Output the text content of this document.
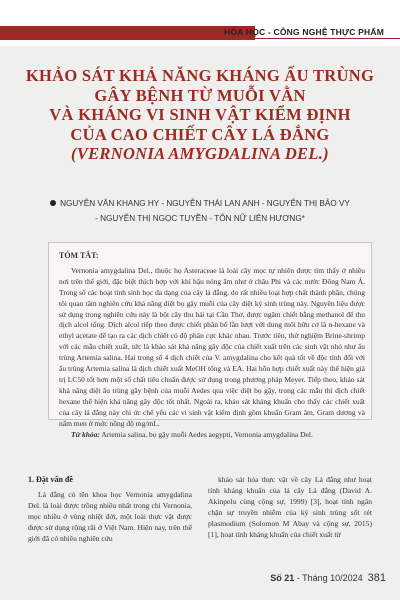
HÓA HỌC - CÔNG NGHỆ THỰC PHẨM
KHẢO SÁT KHẢ NĂNG KHÁNG ẤU TRÙNG
GÂY BỆNH TỪ MUỖI VẰN
VÀ KHÁNG VI SINH VẬT KIỂM ĐỊNH
CỦA CAO CHIẾT CÂY LÁ ĐẮNG
(VERNONIA AMYGDALINA DEL.)
NGUYỄN VĂN KHANG HY - NGUYỄN THÁI LAN ANH - NGUYỄN THỊ BẢO VY
- NGUYỄN THỊ NGỌC TUYỀN - TÔN NỮ LIÊN HƯƠNG*
TÓM TẮT:

Vernonia amygdalina Del., thuộc họ Asteraceae là loài cây mọc tự nhiên được tìm thấy ở nhiều nơi trên thế giới, đặc biệt thích hợp với khí hậu nóng ẩm như ở châu Phi và các nước Đông Nam Á. Trong số các hoạt tính sinh học đa dạng của cây lá đắng, do rất nhiều loại hợp chất thành phần, chúng tôi quan tâm nghiên cứu khả năng diệt bọ gậy muỗi của cây diệt ký sinh trùng này. Nguyên liệu được sử dụng trong nghiên cứu này là bột cây thu hái tại Cần Thơ, được ngâm chiết bằng methanol để thu dịch alcol tổng. Dịch alcol tiếp theo được chiết phân bố lần lượt với dung môi hữu cơ là n-hexane và ethyl acetate để tạo ra các dịch chiết có độ phân cực khác nhau. Trước tiên, thử nghiệm Brine-shrimp với các mẫu chiết xuất, tức là khảo sát khả năng gây độc của chiết xuất trên các sinh vật nhỏ như ấu trùng Artemia salina. Hai trong số 4 dịch chiết của V. amygdalina cho kết quả tốt về độc tính đối với ấu trùng Artemia salina là dịch chiết xuất MeOH tổng và EA. Hai hỗn hợp chiết xuất này thể hiện giá trị LC50 tốt hơn một số chất tiêu chuẩn được sử dụng trong phương pháp Meyer. Tiếp theo, khảo sát khả năng diệt ấu trùng gây bệnh của muỗi Aedes qua việc diệt bọ gậy, trong các mẫu thì dịch chiết hexane thể hiện khả năng gây độc tốt nhất. Ngoài ra, khảo sát kháng khuẩn cho thấy các chiết xuất của cây lá đắng này chỉ ức chế yếu các vi sinh vật kiểm định gồm khuẩn Gram âm, Gram dương và nấm men ở mức nồng độ mg/mL.

Từ khóa: Artemia salina, bọ gậy muỗi Aedes aegypti, Vernonia amygdalina Del.

1. Đặt vấn đề

Lá đắng có tên khoa học Vernonia amygdalina Del. là loài được trồng nhiều nhất trong chi Vernonia, mọc nhiều ở vùng nhiệt đới, một loài thực vật được được sử dụng rộng rãi ở Việt Nam. Hiện nay, trên thế giới đã có nhiều nghiên cứu

khảo sát hóa thực vật về cây Lá đắng như hoạt tính kháng khuẩn của lá cây Lá đắng (David A. Akinpelu cùng cộng sự, 1999) [3], hoạt tính ngăn chặn sự truyền nhiễm của ký sinh trùng sốt rét plasmodium (Solomon M Abay và cộng sự, 2015) [1], hoạt tính kháng khuẩn của chiết xuất từ

Số 21 - Tháng 10/2024 381
